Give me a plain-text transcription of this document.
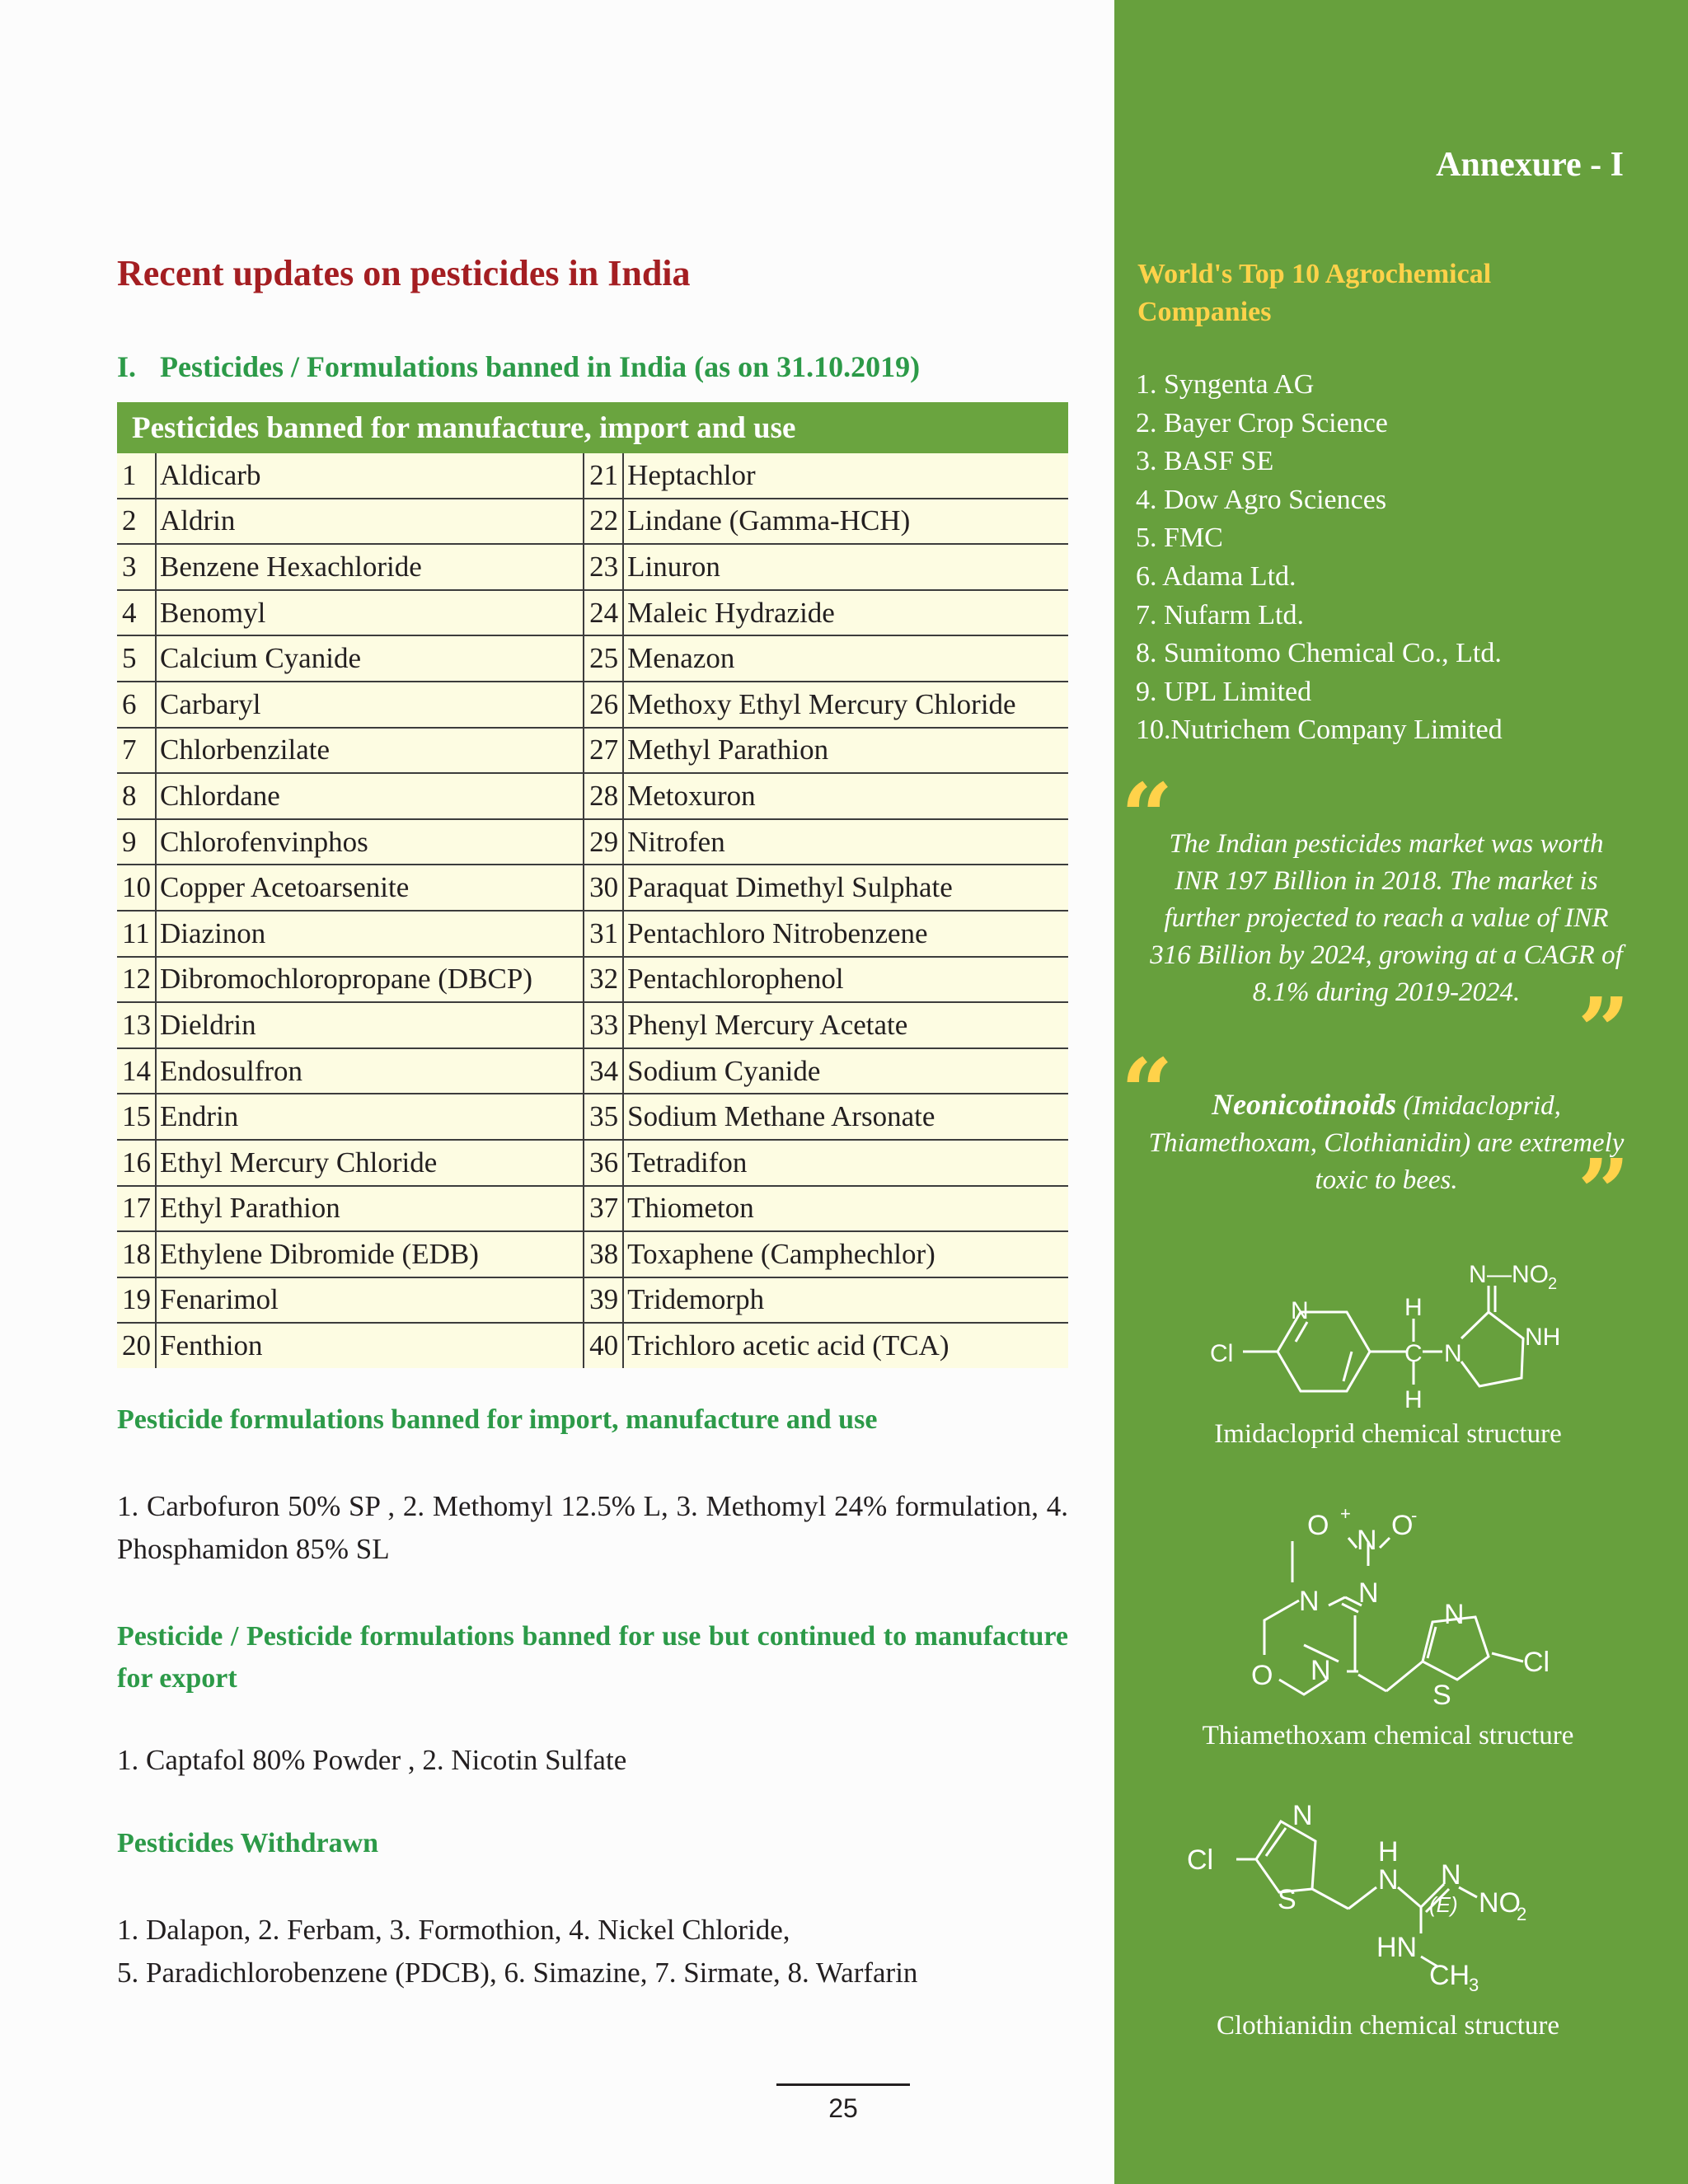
Annexure - I
Recent updates on pesticides in India
I. Pesticides / Formulations banned in India (as on 31.10.2019)
Pesticides banned for manufacture, import and use			
1	Aldicarb	21	Heptachlor
2	Aldrin	22	Lindane (Gamma-HCH)
3	Benzene Hexachloride	23	Linuron
4	Benomyl	24	Maleic Hydrazide
5	Calcium Cyanide	25	Menazon
6	Carbaryl	26	Methoxy Ethyl Mercury Chloride
7	Chlorbenzilate	27	Methyl Parathion
8	Chlordane	28	Metoxuron
9	Chlorofenvinphos	29	Nitrofen
10	Copper Acetoarsenite	30	Paraquat Dimethyl Sulphate
11	Diazinon	31	Pentachloro Nitrobenzene
12	Dibromochloropropane (DBCP)	32	Pentachlorophenol
13	Dieldrin	33	Phenyl Mercury Acetate
14	Endosulfron	34	Sodium Cyanide
15	Endrin	35	Sodium Methane Arsonate
16	Ethyl Mercury Chloride	36	Tetradifon
17	Ethyl Parathion	37	Thiometon
18	Ethylene Dibromide (EDB)	38	Toxaphene (Camphechlor)
19	Fenarimol	39	Tridemorph
20	Fenthion	40	Trichloro acetic acid (TCA)
Pesticide formulations banned for import, manufacture and use

1. Carbofuron 50% SP , 2. Methomyl 12.5% L, 3. Methomyl 24% formulation, 4. Phosphamidon 85% SL

Pesticide / Pesticide formulations banned for use but continued to manufacture for export

1. Captafol 80% Powder , 2. Nicotin Sulfate

Pesticides Withdrawn

1. Dalapon, 2. Ferbam, 3. Formothion, 4. Nickel Chloride,
5. Paradichlorobenzene (PDCB), 6. Simazine, 7. Sirmate, 8. Warfarin

25
World's Top 10 Agrochemical Companies
1. Syngenta AG
2. Bayer Crop Science
3. BASF SE
4. Dow Agro Sciences
5. FMC
6. Adama Ltd.
7. Nufarm Ltd.
8. Sumitomo Chemical Co., Ltd.
9. UPL Limited
10.Nutrichem Company Limited
“

The Indian pesticides market was worth INR 197 Billion in 2018. The market is further projected to reach a value of INR 316 Billion by 2024, growing at a CAGR of 8.1% during 2019-2024. ”
“	Neonicotinoids (Imidacloprid, Thiamethoxam, Clothianidin) are extremely toxic to bees.	”
Cl
N	H
C
H
N
NH
N — NO 2

Imidacloprid chemical structure

O +
N O
-
N
N
O N
N
S
Cl

Thiamethoxam chemical structure

N
Cl
S
H
N N
(E) NO
2
HN
CH
3

Clothianidin chemical structure
